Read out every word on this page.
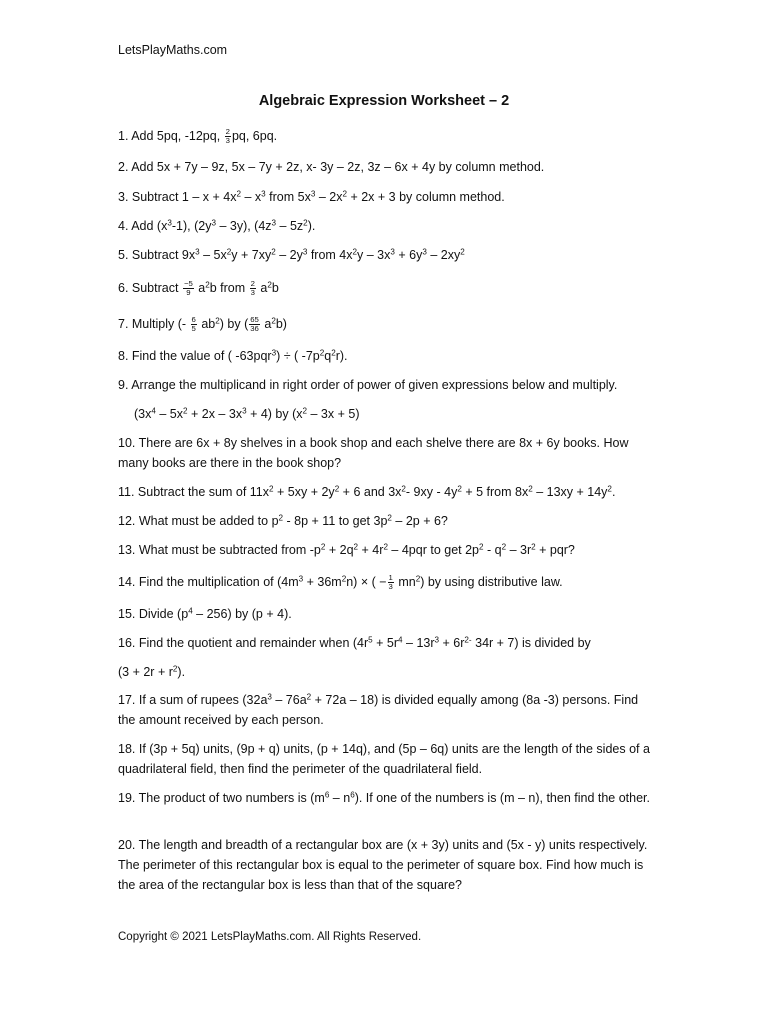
LetsPlayMaths.com
Algebraic Expression Worksheet – 2
1. Add 5pq, -12pq, $\frac{2}{3}$ pq, 6pq.
2. Add 5x + 7y – 9z, 5x – 7y + 2z, x- 3y – 2z, 3z – 6x + 4y by column method.
3. Subtract $1 - x + 4x^2 - x^3$ from $5x^3 - 2x^2 + 2x + 3$ by column method.
4. Add $(x^3-1)$, $(2y^3 - 3y)$, $(4z^3 - 5z^2)$.
5. Subtract $9x^3 - 5x^2y + 7xy^2 - 2y^3$ from $4x^2y - 3x^3 + 6y^3 - 2xy^2$
6. Subtract $\frac{-5}{9} a^2b$ from $\frac{2}{3} a^2b$
7. Multiply (- $\frac{6}{5} ab^2$) by ( $\frac{65}{36} a^2b$)
8. Find the value of ( -63pqr$^3$) ÷ ( $-7p^2q^2r$).
9. Arrange the multiplicand in right order of power of given expressions below and multiply.
$(3x^4 - 5x^2 + 2x - 3x^3 + 4)$ by $(x^2 - 3x + 5)$
10. There are 6x + 8y shelves in a book shop and each shelve there are 8x + 6y books. How many books are there in the book shop?
11. Subtract the sum of $11x^2 + 5xy + 2y^2 + 6$ and $3x^2-$ $9xy - 4y^2 + 5$ from $8x^2 - 13xy + 14y^2$.
12. What must be added to $p^2 - 8p + 11$ to get $3p^2 - 2p + 6$?
13. What must be subtracted from $-p^2 + 2q^2 + 4r^2 - 4pqr$ to get $2p^2 - q^2 - 3r^2$ + pqr?
14. Find the multiplication of $(4m^3 + 36m^2n)$ × ( − $\frac{1}{3} mn^2$) by using distributive law.
15. Divide $(p^4 - 256)$ by (p + 4).
16. Find the quotient and remainder when ($4r^5 + 5r^4 - 13r^3 + 6r^{2-}$ 34r + 7) is divided by
$(3 + 2r + r^2)$.
17. If a sum of rupees $(32a^3 - 76a^2 + 72a - 18)$ is divided equally among (8a -3) persons. Find the amount received by each person.
18. If (3p + 5q) units, (9p + q) units, (p + 14q), and (5p – 6q) units are the length of the sides of a quadrilateral field, then find the perimeter of the quadrilateral field.
19. The product of two numbers is $(m^6 - n^6)$. If one of the numbers is (m – n), then find the other.
20. The length and breadth of a rectangular box are (x + 3y) units and (5x - y) units respectively. The perimeter of this rectangular box is equal to the perimeter of square box. Find how much is the area of the rectangular box is less than that of the square?
Copyright © 2021 LetsPlayMaths.com. All Rights Reserved.
